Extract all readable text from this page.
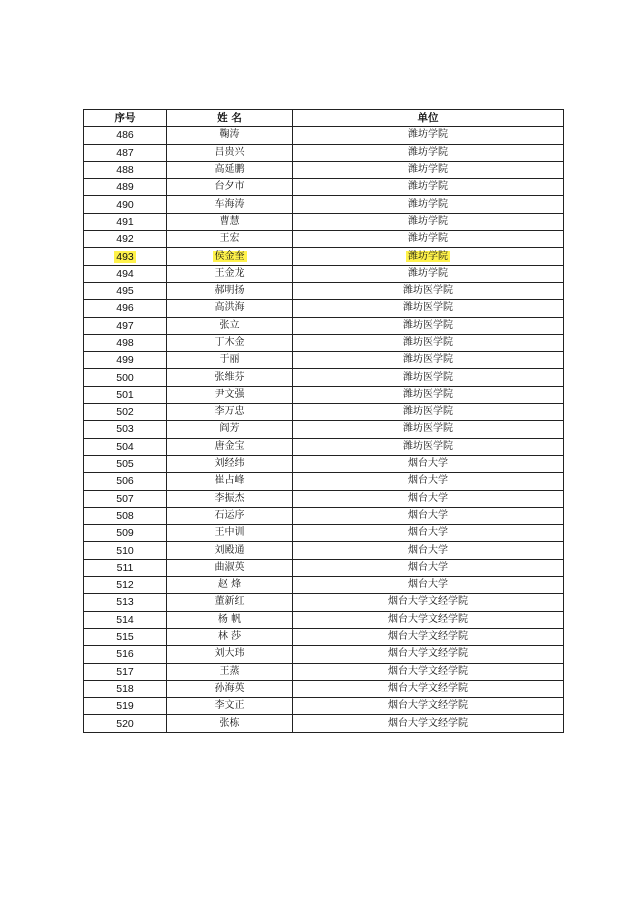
序号	姓 名	单位
486	鞠涛	潍坊学院
487	吕贵兴	潍坊学院
488	高延鹏	潍坊学院
489	台夕市	潍坊学院
490	车海涛	潍坊学院
491	曹慧	潍坊学院
492	王宏	潍坊学院
493	侯金奎	潍坊学院
494	王金龙	潍坊学院
495	郝明扬	潍坊医学院
496	高洪海	潍坊医学院
497	张立	潍坊医学院
498	丁木金	潍坊医学院
499	于丽	潍坊医学院
500	张维芬	潍坊医学院
501	尹文强	潍坊医学院
502	李万忠	潍坊医学院
503	阎芳	潍坊医学院
504	唐金宝	潍坊医学院
505	刘经纬	烟台大学
506	崔占峰	烟台大学
507	李振杰	烟台大学
508	石运序	烟台大学
509	王中训	烟台大学
510	刘殿通	烟台大学
511	曲淑英	烟台大学
512	赵 烽	烟台大学
513	董新红	烟台大学文经学院
514	杨 帆	烟台大学文经学院
515	林 莎	烟台大学文经学院
516	刘大玮	烟台大学文经学院
517	王蒸	烟台大学文经学院
518	孙海英	烟台大学文经学院
519	李文正	烟台大学文经学院
520	张栋	烟台大学文经学院
